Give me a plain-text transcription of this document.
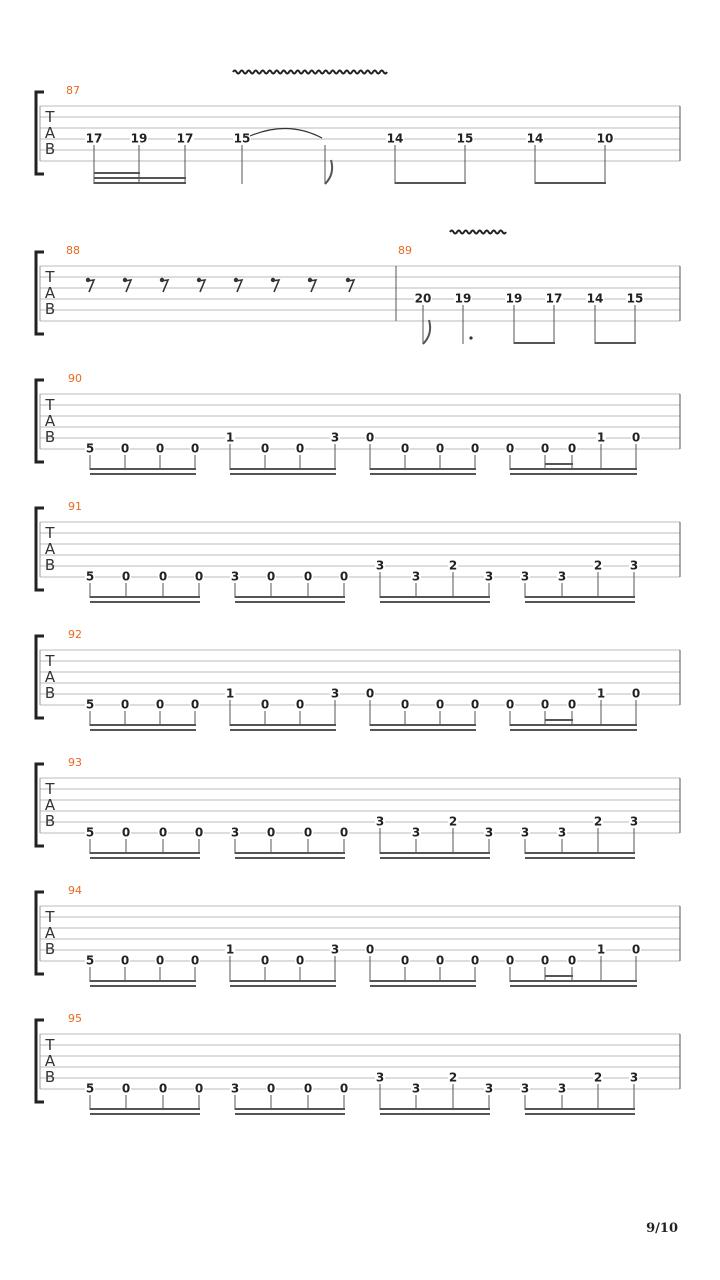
T
A
B
87
17 19 17	15	14	15	14	10
T
A
B
88	89
20 19	19 17 14 15
T
A
B
90
5 0 0 0
1
0 0
3 0
0 0 0 0 0 0
1 0
T
A
B
91
5 0 0 0 3 0 0 0
3
3
2
3 3 3
2 3
T
A
B
92
5 0 0 0
1
0 0
3 0
0 0 0 0 0 0
1 0
T
A
B
93
5 0 0 0 3 0 0 0
3
3
2
3 3 3
2 3
T
A
B
94
5 0 0 0
1
0 0
3 0
0 0 0 0 0 0
1 0
T
A
B
95
5 0 0 0 3 0 0 0
3
3
2
3 3 3
2 3
9/10
